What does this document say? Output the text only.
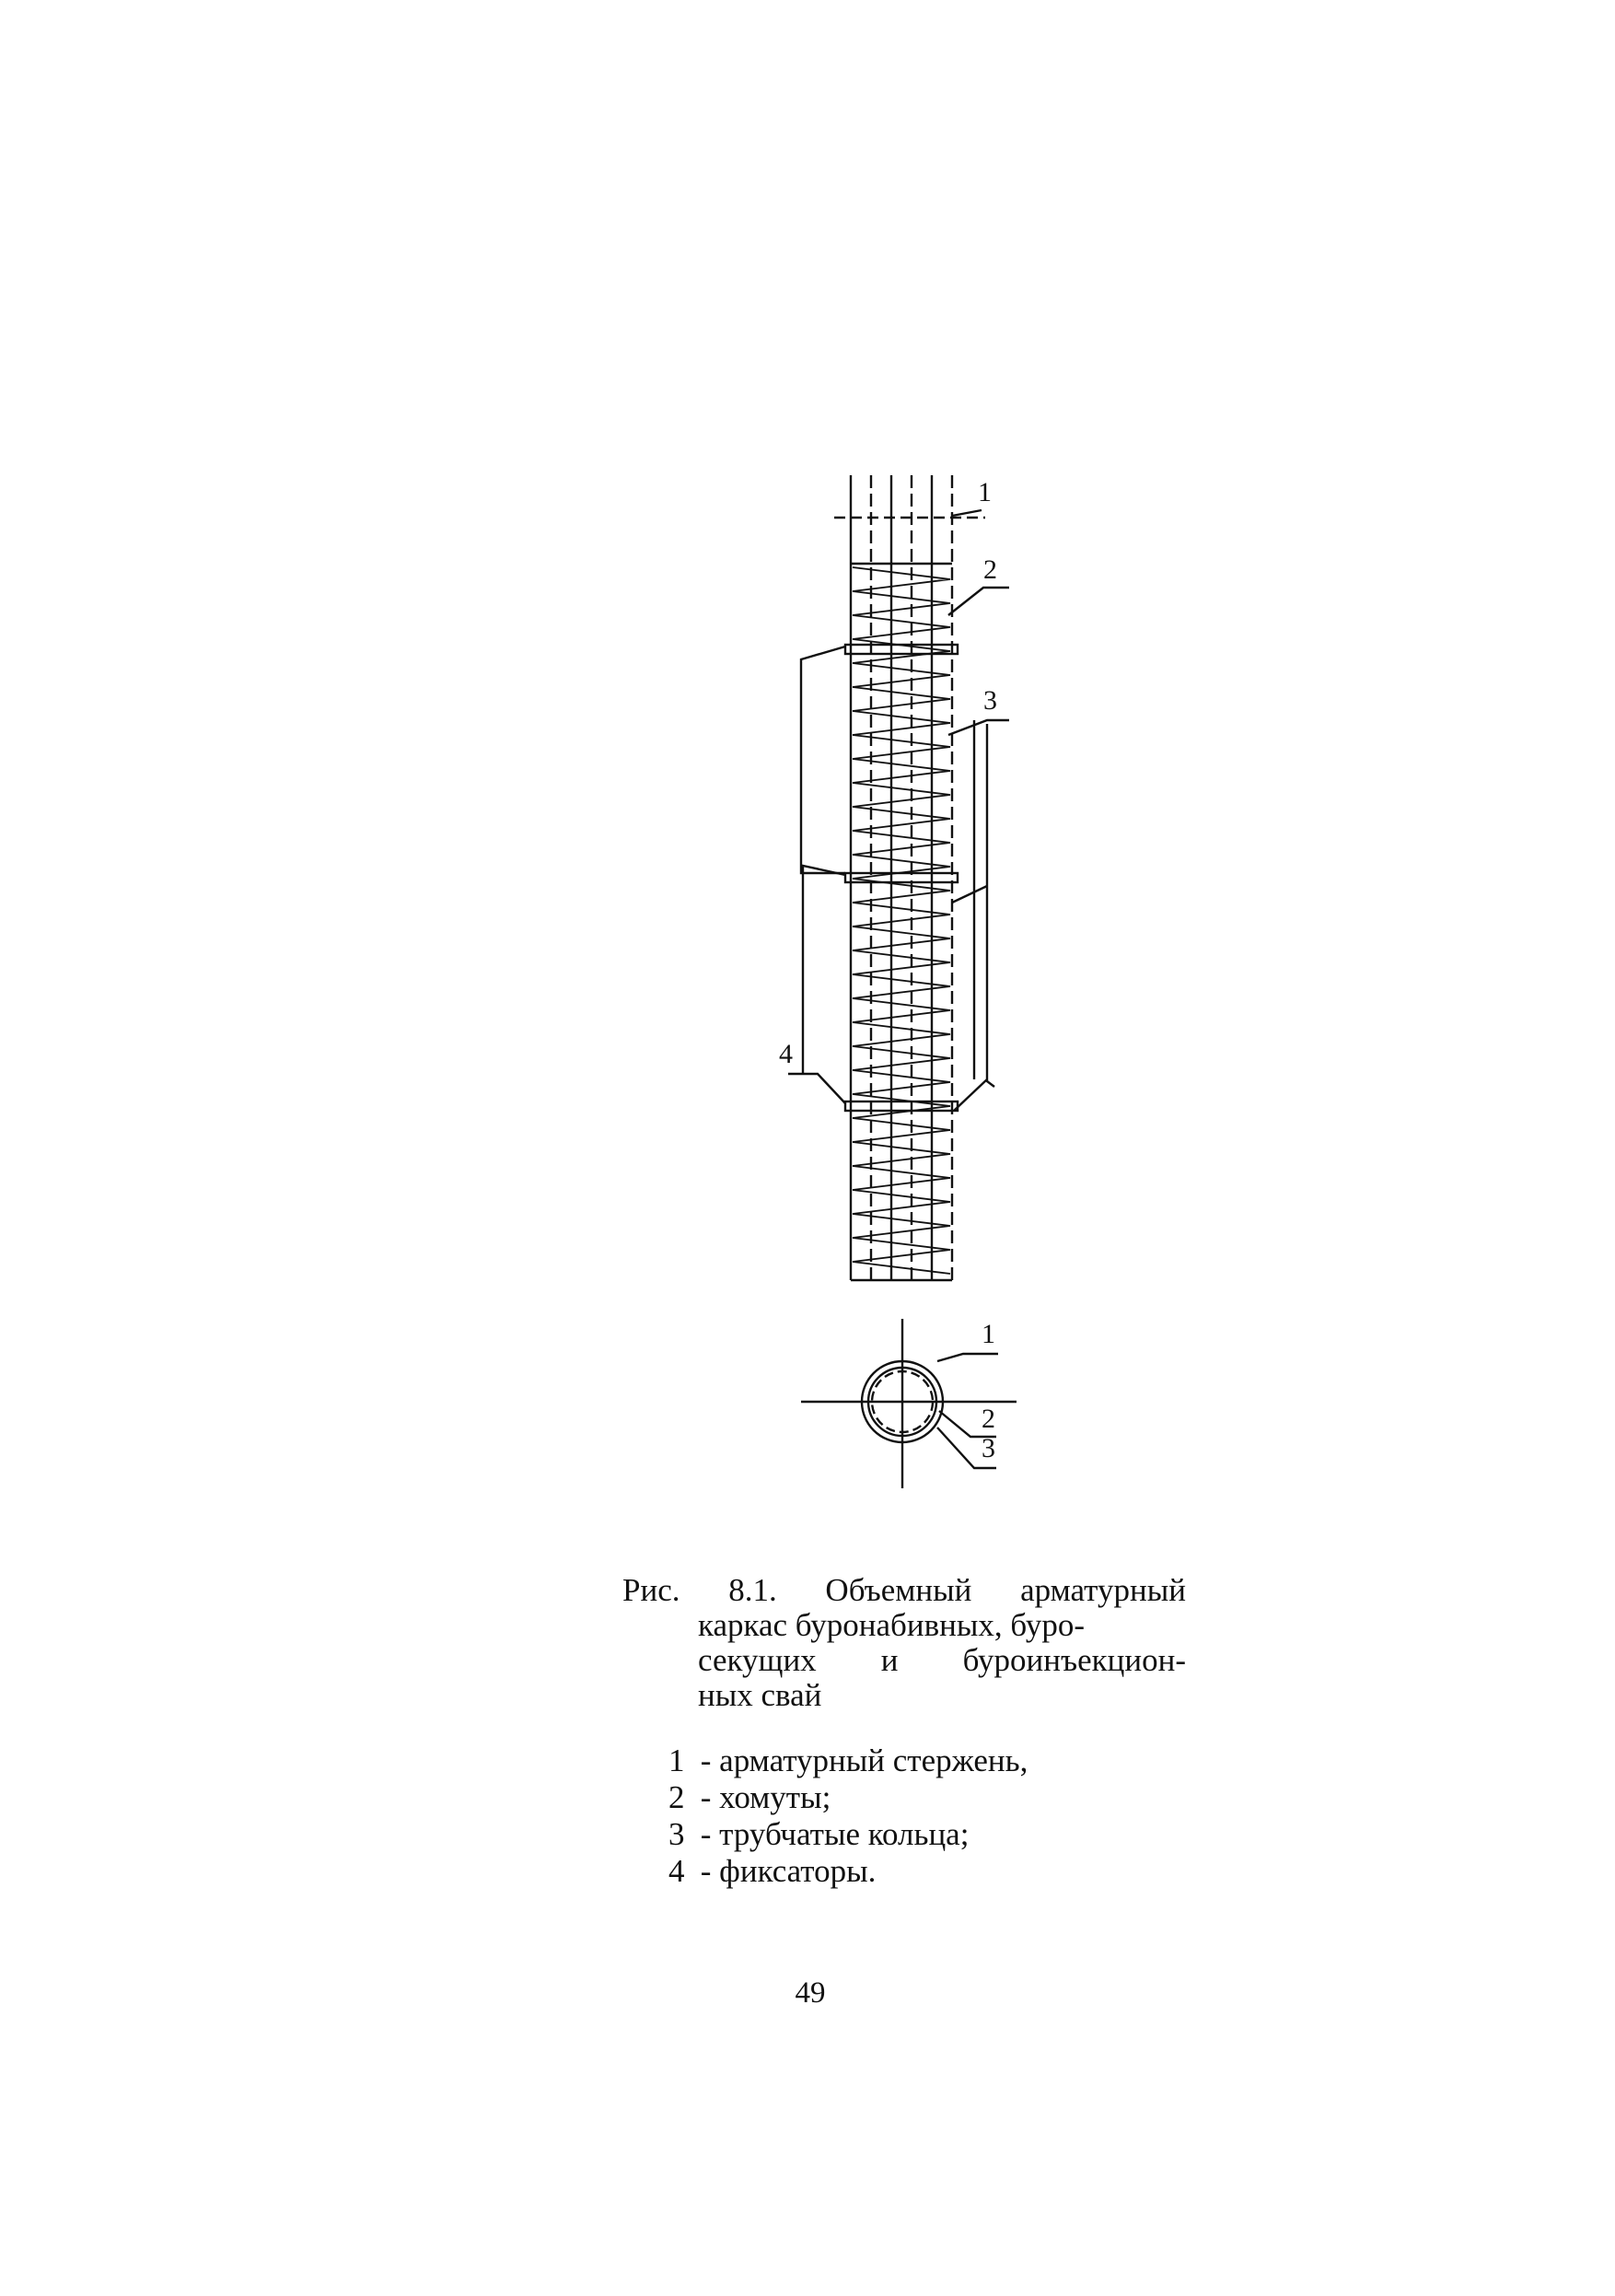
1

2

3

4

1

2

3

Рис. 8.1. Объемный арматурный
каркас буронабивных, буро-
секущих и буроинъекцион-
ных свай
1 - арматурный стержень,
2 - хомуты;
3 - трубчатые кольца;
4 - фиксаторы.
49
